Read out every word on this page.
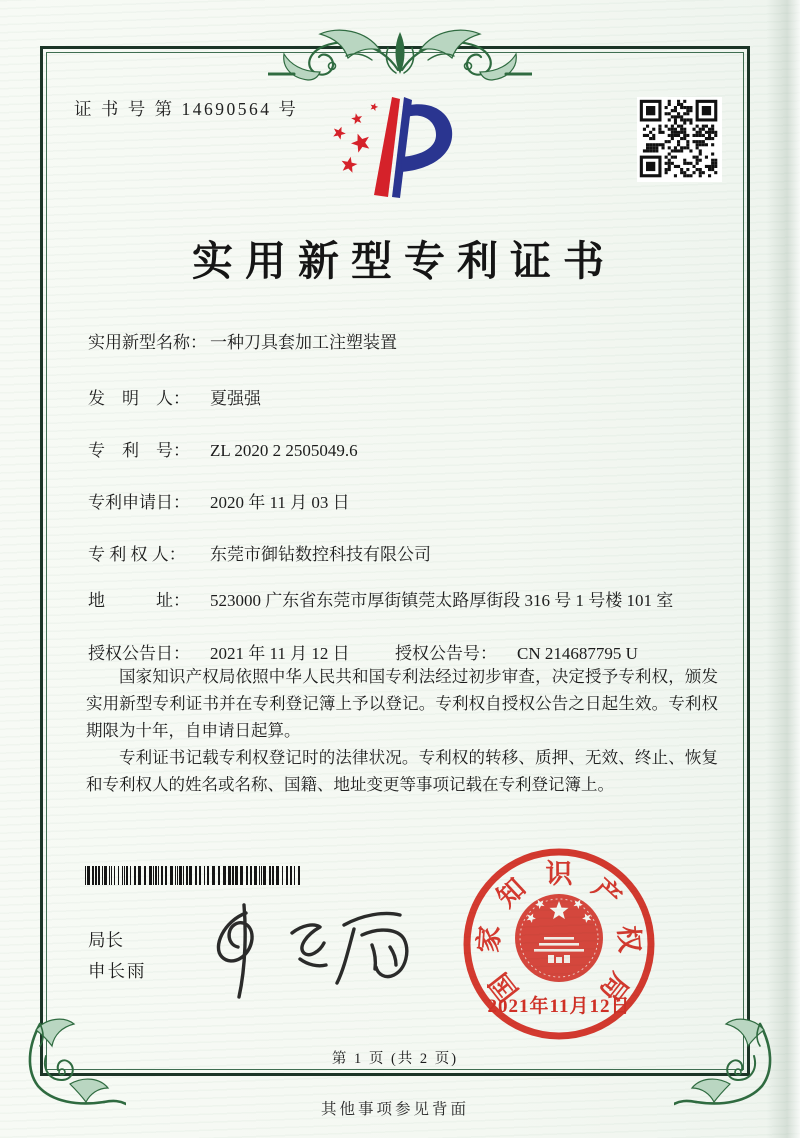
证 书 号 第 14690564 号
实用新型专利证书
实用新型名称： 一种刀具套加工注塑装置
发　明　人：	夏强强
专　利　号：	ZL 2020 2 2505049.6
专利申请日：	2020 年 11 月 03 日
专 利 权 人：	东莞市御钻数控科技有限公司
地　　　址：	523000 广东省东莞市厚街镇莞太路厚街段 316 号 1 号楼 101 室
授权公告日：	2021 年 11 月 12 日	授权公告号：	CN 214687795 U

国家知识产权局依照中华人民共和国专利法经过初步审查，决定授予专利权，颁发实用新型专利证书并在专利登记簿上予以登记。专利权自授权公告之日起生效。专利权期限为十年，自申请日起算。

专利证书记载专利权登记时的法律状况。专利权的转移、质押、无效、终止、恢复和专利权人的姓名或名称、国籍、地址变更等事项记载在专利登记簿上。

局长
申长雨	国
家
知 识 产
权
局
2021年11月12日
第 1 页 (共 2 页)
其他事项参见背面
